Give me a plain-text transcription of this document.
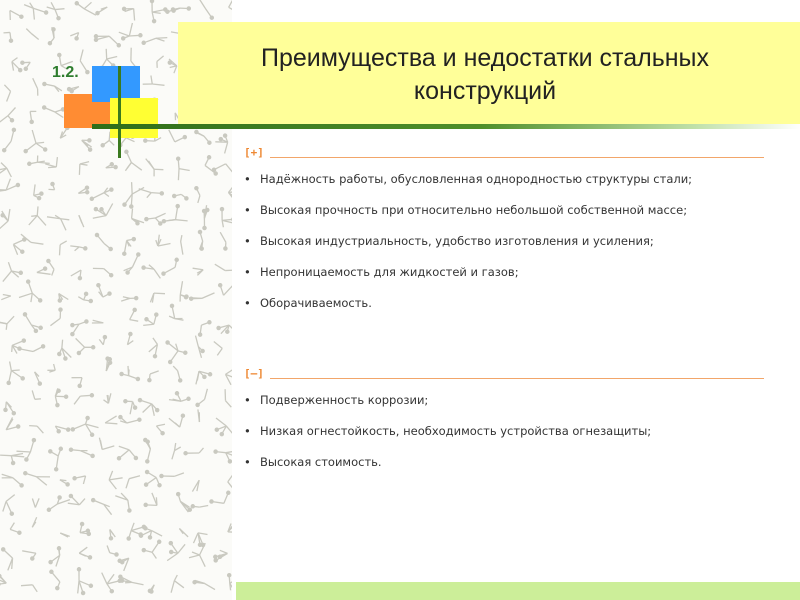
1.2.
Преимущества и недостатки стальных
конструкций
[+]
• Надёжность работы, обусловленная однородностью структуры стали;
• Высокая прочность при относительно небольшой собственной массе;
• Высокая индустриальность, удобство изготовления и усиления;
• Непроницаемость для жидкостей и газов;
• Оборачиваемость.
[–]
• Подверженность коррозии;
• Низкая огнестойкость, необходимость устройства огнезащиты;
• Высокая стоимость.
